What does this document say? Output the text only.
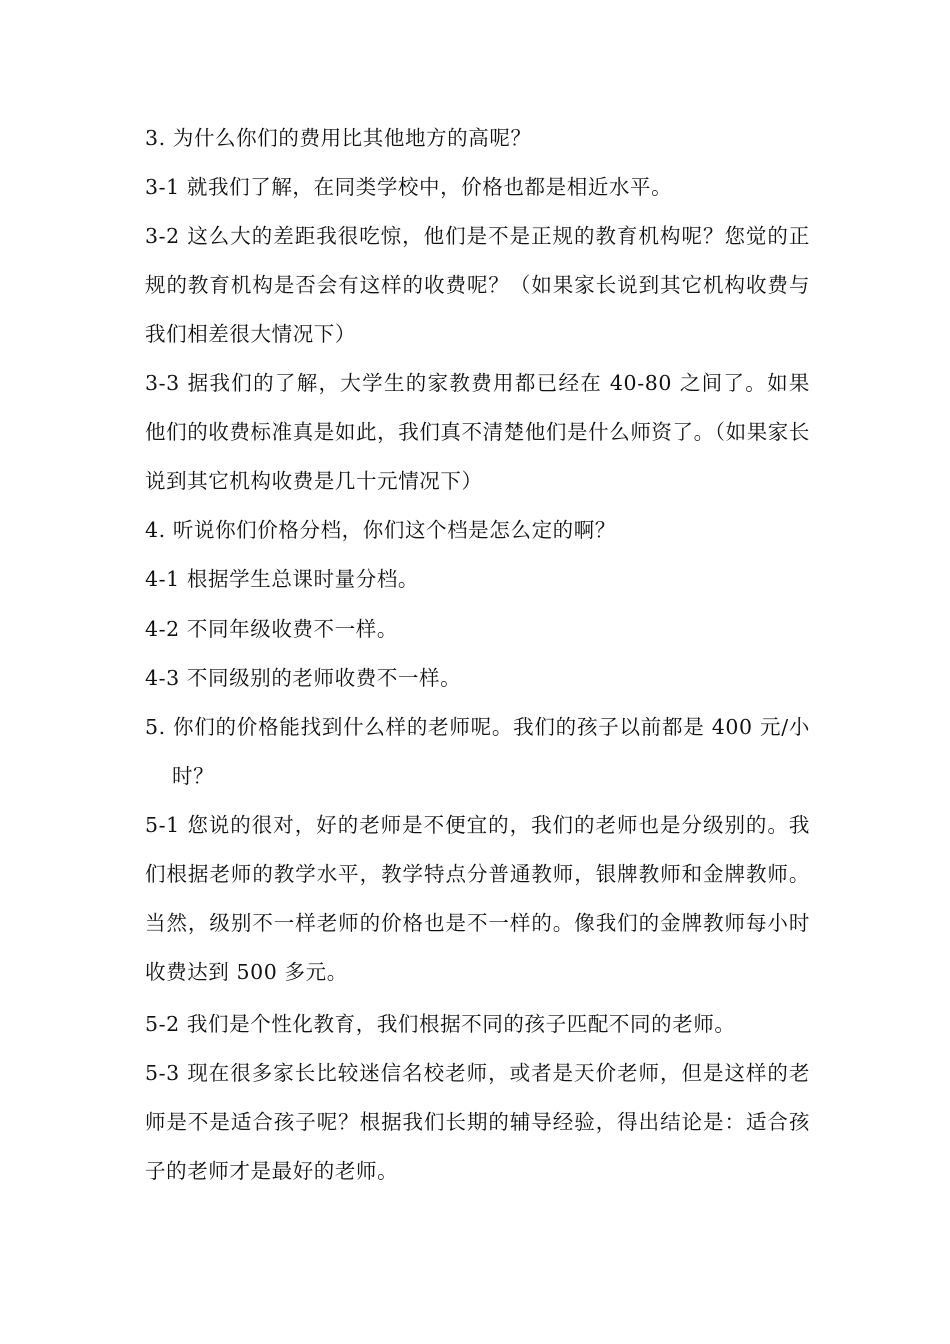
3. 为什么你们的费用比其他地方的高呢？

3-1 就我们了解，在同类学校中，价格也都是相近水平。

3-2 这么大的差距我很吃惊，他们是不是正规的教育机构呢？您觉的正规的教育机构是否会有这样的收费呢？（如果家长说到其它机构收费与我们相差很大情况下）

3-3 据我们的了解，大学生的家教费用都已经在 40-80 之间了。如果他们的收费标准真是如此，我们真不清楚他们是什么师资了。（如果家长说到其它机构收费是几十元情况下）

4. 听说你们价格分档，你们这个档是怎么定的啊？

4-1 根据学生总课时量分档。

4-2 不同年级收费不一样。

4-3 不同级别的老师收费不一样。

5. 你们的价格能找到什么样的老师呢。我们的孩子以前都是 400 元/小时？

5-1 您说的很对，好的老师是不便宜的，我们的老师也是分级别的。我们根据老师的教学水平，教学特点分普通教师，银牌教师和金牌教师。当然，级别不一样老师的价格也是不一样的。像我们的金牌教师每小时收费达到 500 多元。

5-2 我们是个性化教育，我们根据不同的孩子匹配不同的老师。

5-3 现在很多家长比较迷信名校老师，或者是天价老师，但是这样的老师是不是适合孩子呢？根据我们长期的辅导经验，得出结论是：适合孩子的老师才是最好的老师。
